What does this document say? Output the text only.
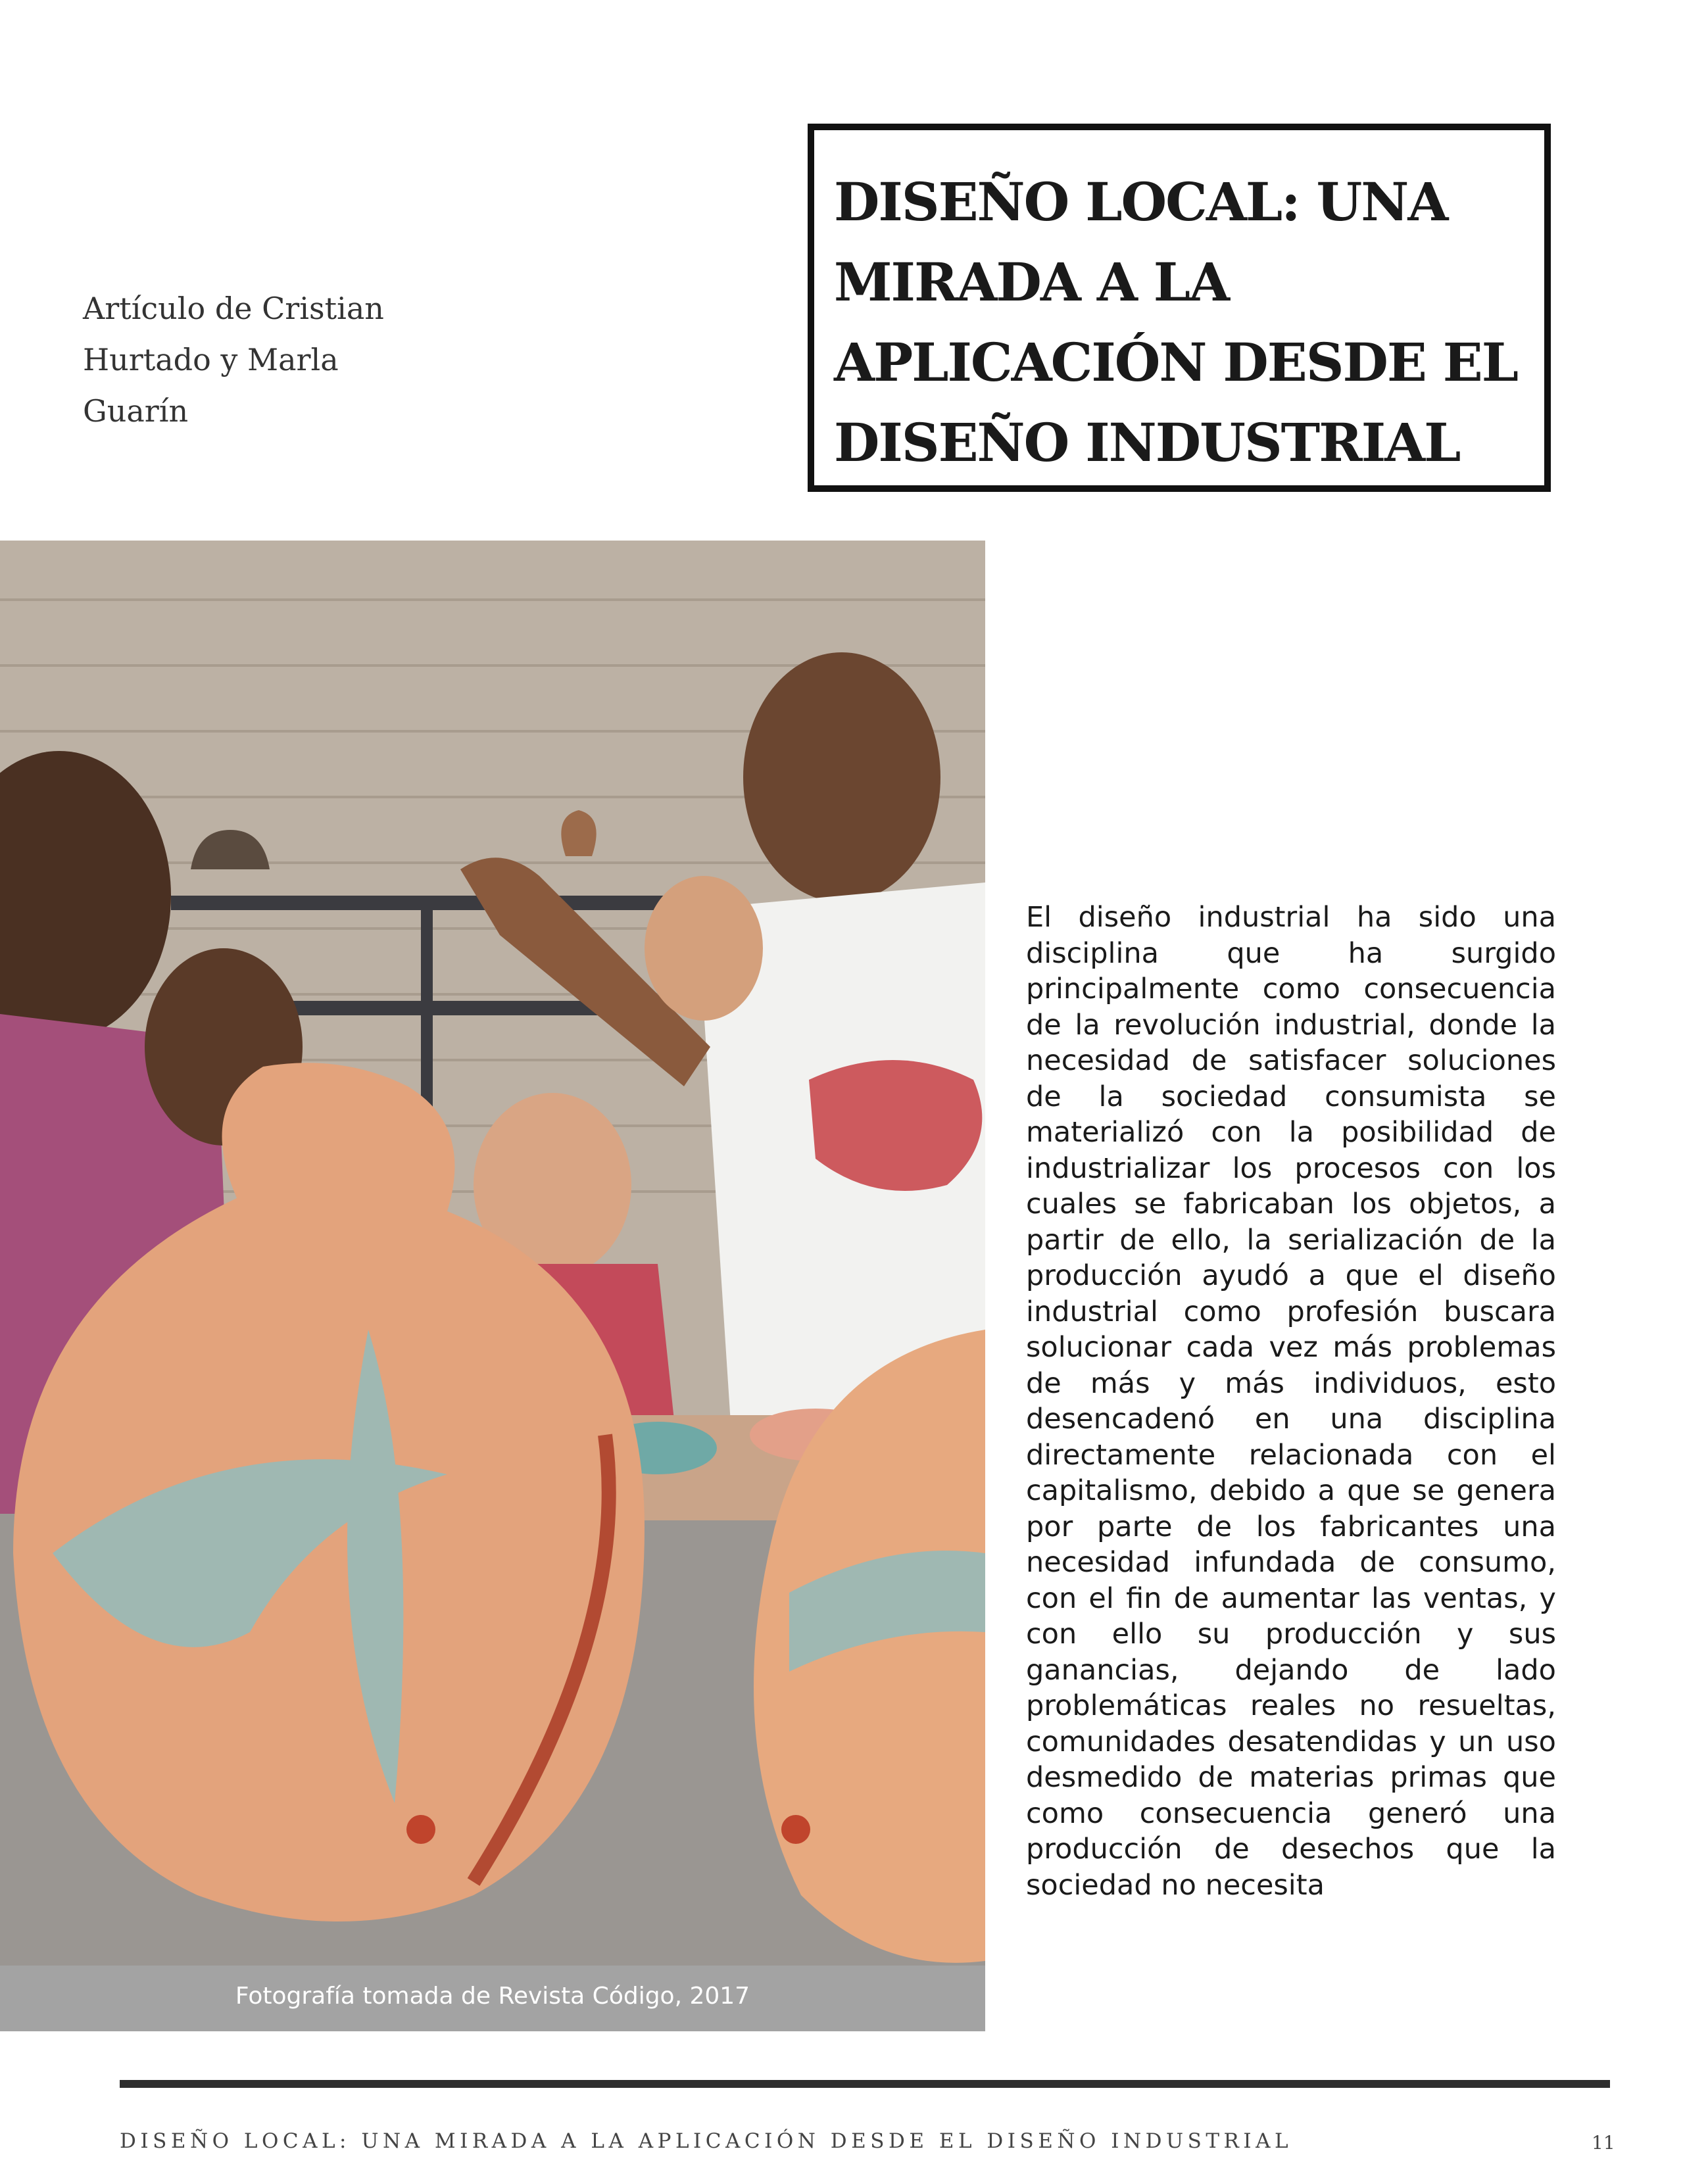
Artículo de Cristian
Hurtado y Marla Guarín
DISEÑO LOCAL: UNA
MIRADA A LA
APLICACIÓN DESDE EL
DISEÑO INDUSTRIAL
Fotografía tomada de Revista Código, 2017

El diseño industrial ha sido una disciplina que ha surgido principalmente como consecuencia de la revolución industrial, donde la necesidad de satisfacer soluciones de la sociedad consumista se materializó con la posibilidad de industrializar los procesos con los cuales se fabricaban los objetos, a partir de ello, la serialización de la producción ayudó a que el diseño industrial como profesión buscara solucionar cada vez más problemas de más y más individuos, esto desencadenó en una disciplina directamente relacionada con el capitalismo, debido a que se genera por parte de los fabricantes una necesidad infundada de consumo, con el fin de aumentar las ventas, y con ello su producción y sus ganancias, dejando de lado problemáticas reales no resueltas, comunidades desatendidas y un uso desmedido de materias primas que como consecuencia generó una producción de desechos que la sociedad no necesita

DISEÑO LOCAL: UNA MIRADA A LA APLICACIÓN DESDE EL DISEÑO INDUSTRIAL	11
